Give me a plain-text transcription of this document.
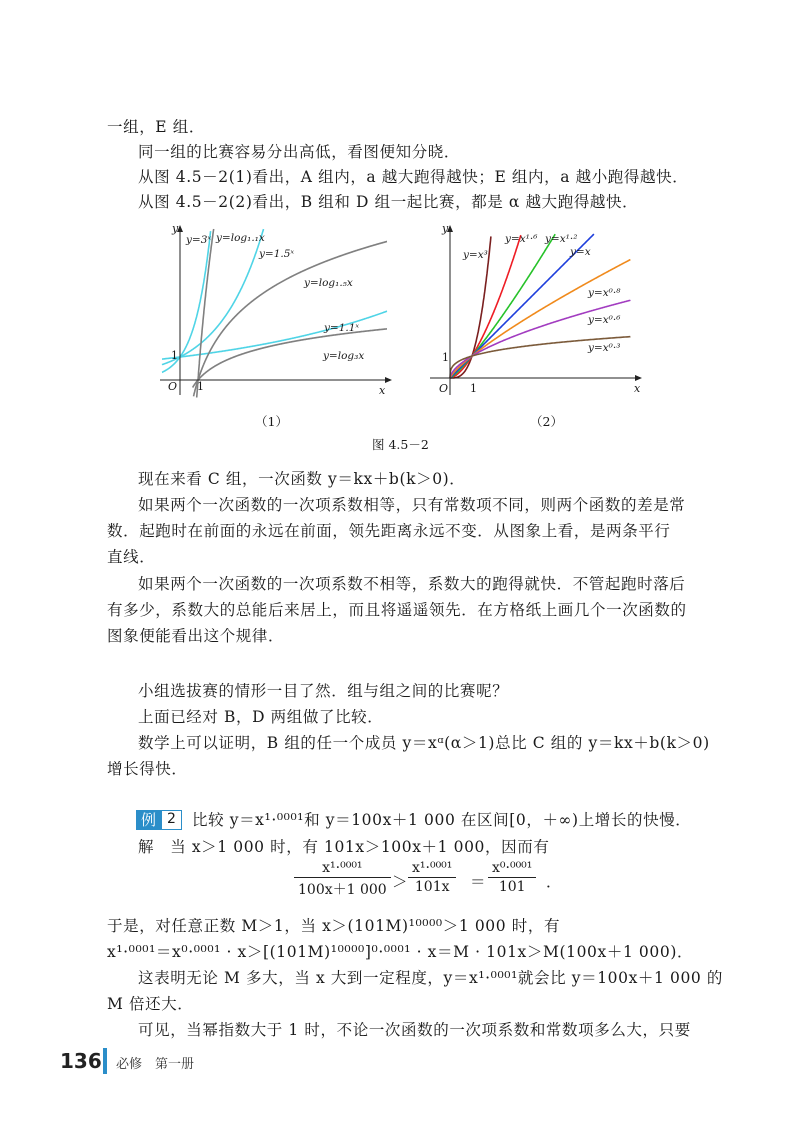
一组，E 组．
同一组的比赛容易分出高低，看图便知分晓．
从图 4.5－2(1)看出，A 组内，a 越大跑得越快；E 组内，a 越小跑得越快．
从图 4.5－2(2)看出，B 组和 D 组一起比赛，都是 α 越大跑得越快．
y
x
O
1
1
y=3ˣ y=log₁.₁x
y=1.5ˣ
y=log₁.₅x
y=1.1ˣ
y=log₃x
y
x
O
1
1
y=x³
y=x¹·⁶ y=x¹·²
y=x
y=x⁰·⁸
y=x⁰·⁶
y=x⁰·³
（1）	（2）
图 4.5－2
现在来看 C 组，一次函数 y＝kx＋b(k＞0)．
如果两个一次函数的一次项系数相等，只有常数项不同，则两个函数的差是常
数．起跑时在前面的永远在前面，领先距离永远不变．从图象上看，是两条平行
直线．
如果两个一次函数的一次项系数不相等，系数大的跑得就快．不管起跑时落后
有多少，系数大的总能后来居上，而且将遥遥领先．在方格纸上画几个一次函数的
图象便能看出这个规律．
小组选拔赛的情形一目了然．组与组之间的比赛呢？
上面已经对 B，D 两组做了比较．
数学上可以证明，B 组的任一个成员 y＝xᵅ(α＞1)总比 C 组的 y＝kx＋b(k＞0)
增长得快．
例 2	比较 y＝x¹·⁰⁰⁰¹和 y＝100x＋1 000 在区间[0，＋∞)上增长的快慢．
解　当 x＞1 000 时，有 101x＞100x＋1 000，因而有
$\frac{\text{x¹·⁰⁰⁰¹}}{100x+1 000} > \frac{\text{x¹·⁰⁰⁰¹}}{101x} = \frac{\text{x⁰·⁰⁰⁰¹}}{101}$ ．
于是，对任意正数 M＞1，当 x＞(101M)¹⁰⁰⁰⁰＞1 000 时，有
x¹·⁰⁰⁰¹＝x⁰·⁰⁰⁰¹ · x＞[(101M)¹⁰⁰⁰⁰]⁰·⁰⁰⁰¹ · x＝M · 101x＞M(100x＋1 000)．
这表明无论 M 多大，当 x 大到一定程度，y＝x¹·⁰⁰⁰¹就会比 y＝100x＋1 000 的
M 倍还大．
可见，当幂指数大于 1 时，不论一次函数的一次项系数和常数项多么大，只要
136 必修　第一册
